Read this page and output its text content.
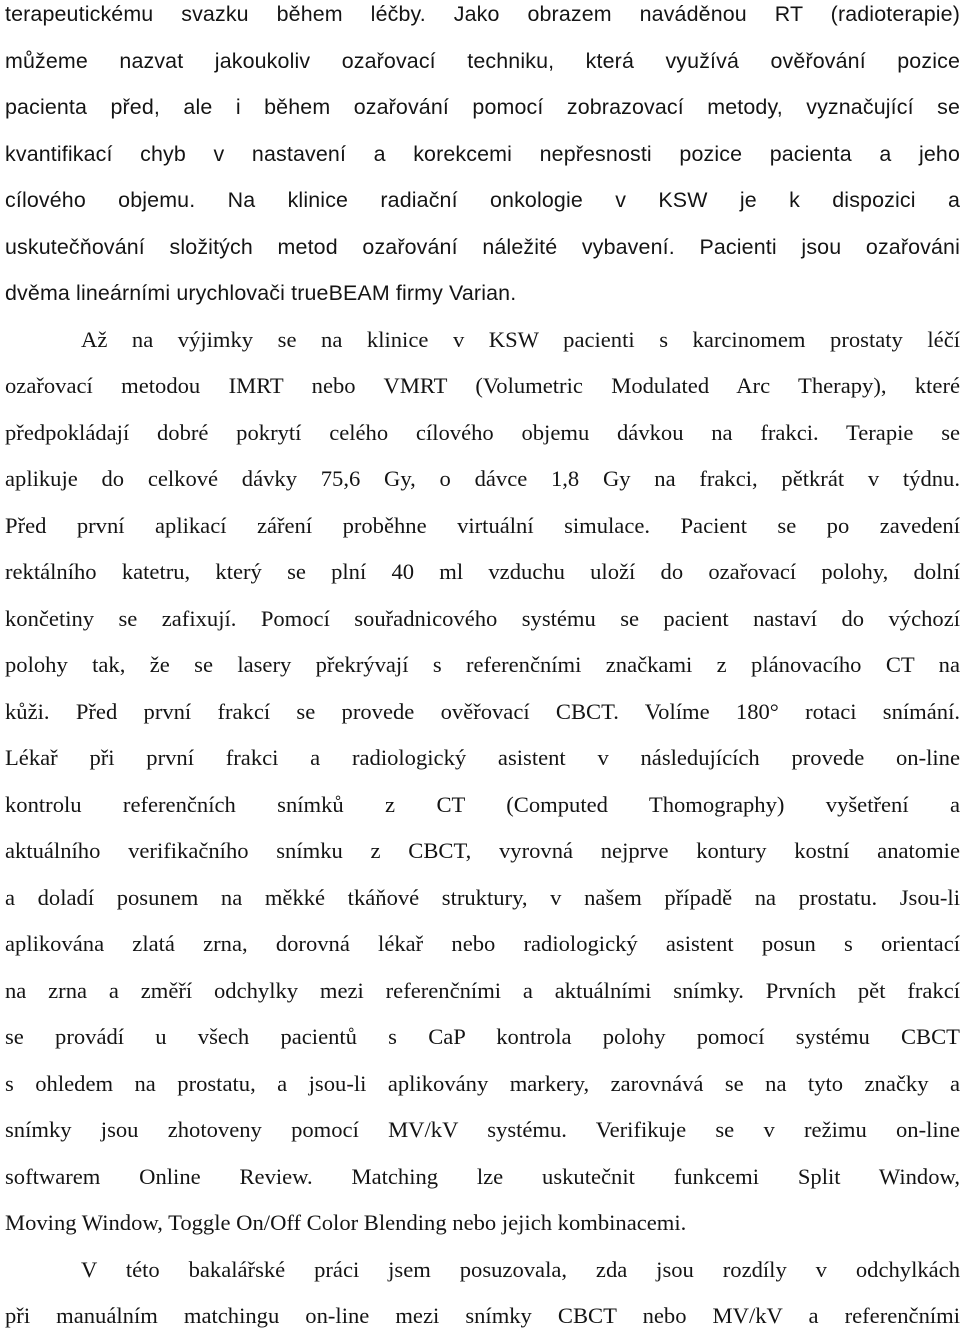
terapeutickému svazku během léčby. Jako obrazem naváděnou RT (radioterapie)
můžeme nazvat jakoukoliv ozařovací techniku, která využívá ověřování pozice
pacienta před, ale i během ozařování pomocí zobrazovací metody, vyznačující se
kvantifikací chyb v nastavení a korekcemi nepřesnosti pozice pacienta a jeho
cílového objemu. Na klinice radiační onkologie v KSW je k dispozici a
uskutečňování složitých metod ozařování náležité vybavení. Pacienti jsou ozařováni
dvěma lineárními urychlovači trueBEAM firmy Varian.
Až na výjimky se na klinice v KSW pacienti s karcinomem prostaty léčí
ozařovací metodou IMRT nebo VMRT (Volumetric Modulated Arc Therapy), které
předpokládají dobré pokrytí celého cílového objemu dávkou na frakci. Terapie se
aplikuje do celkové dávky 75,6 Gy, o dávce 1,8 Gy na frakci, pětkrát v týdnu.
Před první aplikací záření proběhne virtuální simulace. Pacient se po zavedení
rektálního katetru, který se plní 40 ml vzduchu uloží do ozařovací polohy, dolní
končetiny se zafixují. Pomocí souřadnicového systému se pacient nastaví do výchozí
polohy tak, že se lasery překrývají s referenčními značkami z plánovacího CT na
kůži. Před první frakcí se provede ověřovací CBCT. Volíme 180° rotaci snímání.
Lékař při první frakci a radiologický asistent v následujících provede on-line
kontrolu referenčních snímků z CT (Computed Thomography) vyšetření a
aktuálního verifikačního snímku z CBCT, vyrovná nejprve kontury kostní anatomie
a doladí posunem na měkké tkáňové struktury, v našem případě na prostatu. Jsou-li
aplikována zlatá zrna, dorovná lékař nebo radiologický asistent posun s orientací
na zrna a změří odchylky mezi referenčními a aktuálními snímky. Prvních pět frakcí
se provádí u všech pacientů s CaP kontrola polohy pomocí systému CBCT
s ohledem na prostatu, a jsou-li aplikovány markery, zarovnává se na tyto značky a
snímky jsou zhotoveny pomocí MV/kV systému. Verifikuje se v režimu on-line
softwarem Online Review. Matching lze uskutečnit funkcemi Split Window,
Moving Window, Toggle On/Off Color Blending nebo jejich kombinacemi.
V této bakalářské práci jsem posuzovala, zda jsou rozdíly v odchylkách
při manuálním matchingu on-line mezi snímky CBCT nebo MV/kV a referenčními
